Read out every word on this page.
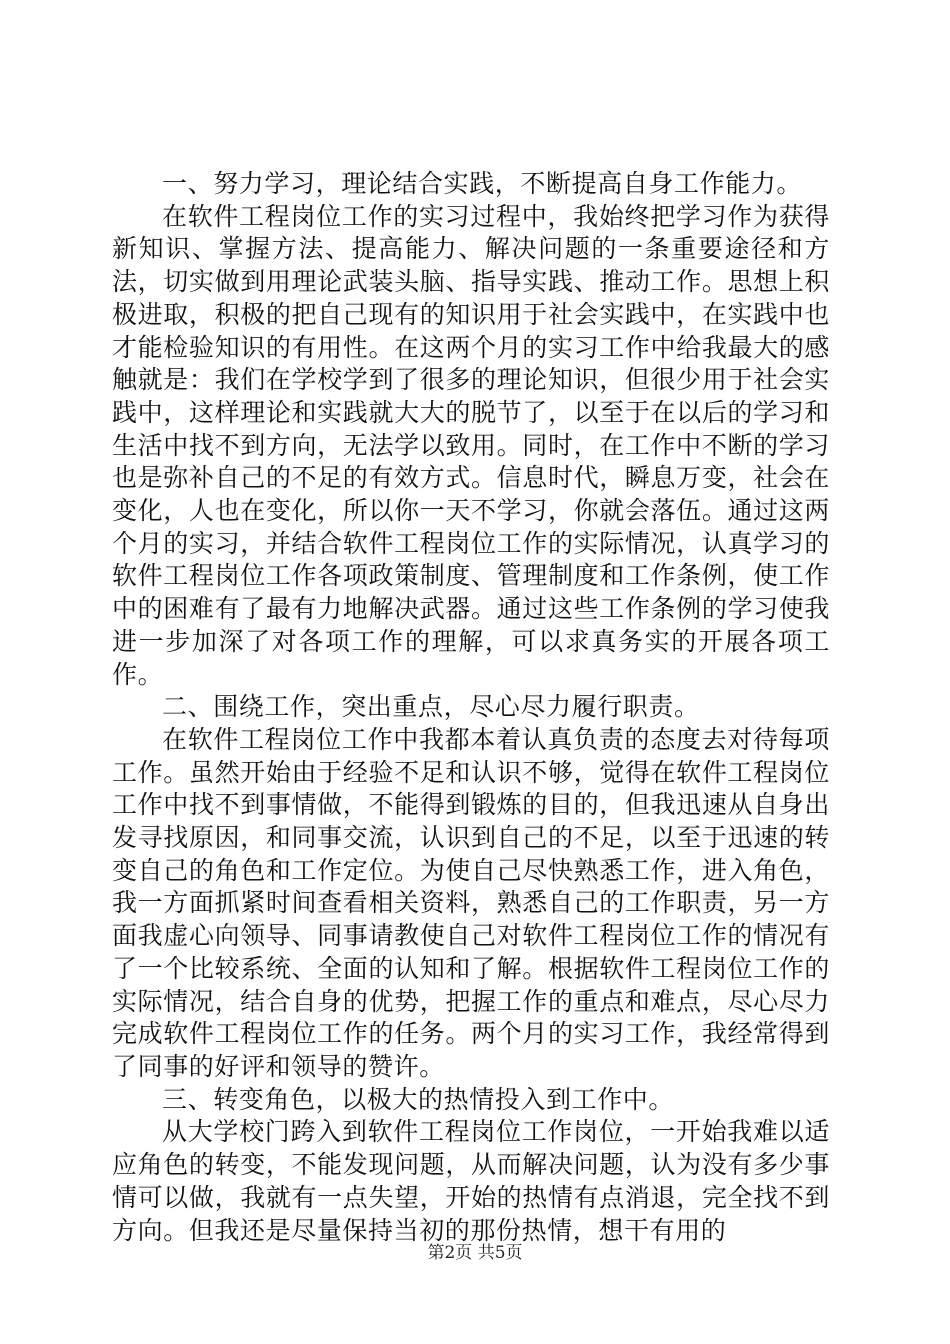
一、努力学习，理论结合实践，不断提高自身工作能力。

在软件工程岗位工作的实习过程中，我始终把学习作为获得新知识、掌握方法、提高能力、解决问题的一条重要途径和方法，切实做到用理论武装头脑、指导实践、推动工作。思想上积极进取，积极的把自己现有的知识用于社会实践中，在实践中也才能检验知识的有用性。在这两个月的实习工作中给我最大的感触就是：我们在学校学到了很多的理论知识，但很少用于社会实践中，这样理论和实践就大大的脱节了，以至于在以后的学习和生活中找不到方向，无法学以致用。同时，在工作中不断的学习也是弥补自己的不足的有效方式。信息时代，瞬息万变，社会在变化，人也在变化，所以你一天不学习，你就会落伍。通过这两个月的实习，并结合软件工程岗位工作的实际情况，认真学习的软件工程岗位工作各项政策制度、管理制度和工作条例，使工作中的困难有了最有力地解决武器。通过这些工作条例的学习使我进一步加深了对各项工作的理解，可以求真务实的开展各项工作。

二、围绕工作，突出重点，尽心尽力履行职责。

在软件工程岗位工作中我都本着认真负责的态度去对待每项工作。虽然开始由于经验不足和认识不够，觉得在软件工程岗位工作中找不到事情做，不能得到锻炼的目的，但我迅速从自身出发寻找原因，和同事交流，认识到自己的不足，以至于迅速的转变自己的角色和工作定位。为使自己尽快熟悉工作，进入角色，我一方面抓紧时间查看相关资料，熟悉自己的工作职责，另一方面我虚心向领导、同事请教使自己对软件工程岗位工作的情况有了一个比较系统、全面的认知和了解。根据软件工程岗位工作的实际情况，结合自身的优势，把握工作的重点和难点，尽心尽力完成软件工程岗位工作的任务。两个月的实习工作，我经常得到了同事的好评和领导的赞许。

三、转变角色，以极大的热情投入到工作中。

从大学校门跨入到软件工程岗位工作岗位，一开始我难以适应角色的转变，不能发现问题，从而解决问题，认为没有多少事情可以做，我就有一点失望，开始的热情有点消退，完全找不到方向。但我还是尽量保持当初的那份热情，想干有用的

第2页 共5页
